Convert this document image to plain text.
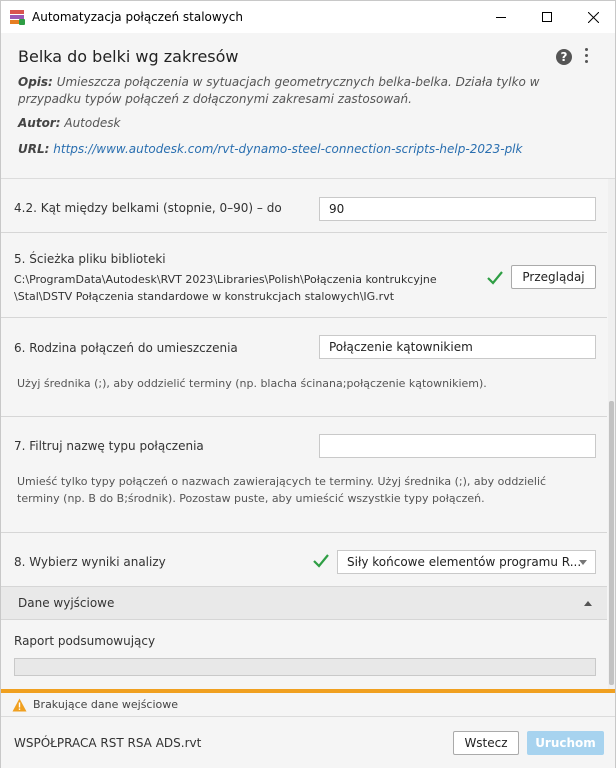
Automatyzacja połączeń stalowych
Belka do belki wg zakresów	?
Opis: Umieszcza połączenia w sytuacjach geometrycznych belka-belka. Działa tylko w przypadku typów połączeń z dołączonymi zakresami zastosowań.
Autor: Autodesk
URL: https://www.autodesk.com/rvt-dynamo-steel-connection-scripts-help-2023-plk
4.2. Kąt między belkami (stopnie, 0–90) – do	90
5. Ścieżka pliku biblioteki
C:\ProgramData\Autodesk\RVT 2023\Libraries\Polish\Połączenia kontrukcyjne
\Stal\DSTV Połączenia standardowe w konstrukcjach stalowych\IG.rvt
Przeglądaj
6. Rodzina połączeń do umieszczenia	Połączenie kątownikiem
Użyj średnika (;), aby oddzielić terminy (np. blacha ścinana;połączenie kątownikiem).
7. Filtruj nazwę typu połączenia
Umieść tylko typy połączeń o nazwach zawierających te terminy. Użyj średnika (;), aby oddzielić
terminy (np. B do B;środnik). Pozostaw puste, aby umieścić wszystkie typy połączeń.
8. Wybierz wyniki analizy	Siły końcowe elementów programu R...
Dane wyjściowe
Raport podsumowujący
Brakujące dane wejściowe
WSPÓŁPRACA RST RSA ADS.rvt	Wstecz	Uruchom
